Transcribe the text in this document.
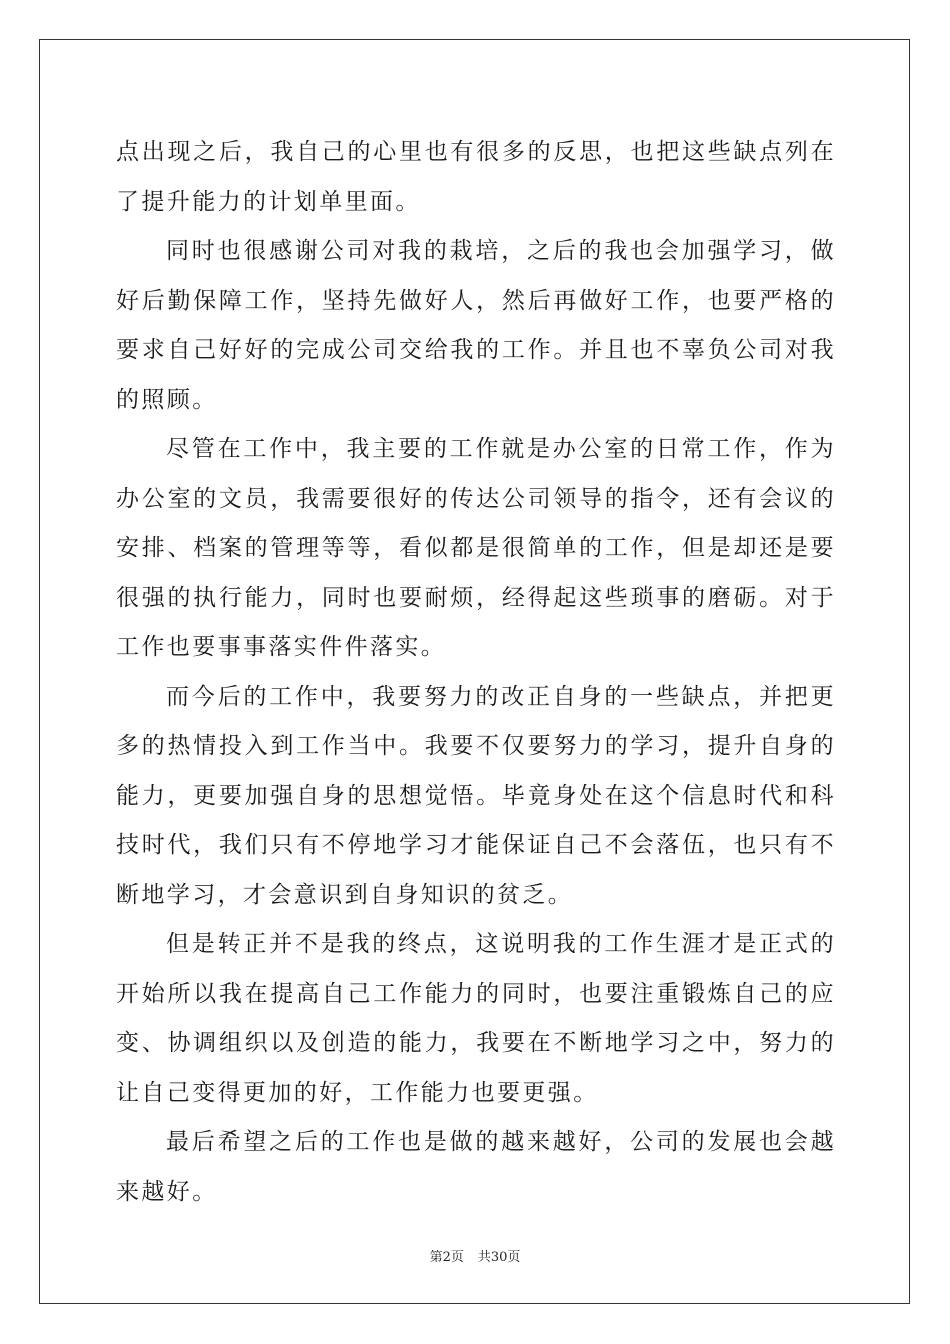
点出现之后，我自己的心里也有很多的反思，也把这些缺点列在了提升能力的计划单里面。

同时也很感谢公司对我的栽培，之后的我也会加强学习，做好后勤保障工作，坚持先做好人，然后再做好工作，也要严格的要求自己好好的完成公司交给我的工作。并且也不辜负公司对我的照顾。

尽管在工作中，我主要的工作就是办公室的日常工作，作为办公室的文员，我需要很好的传达公司领导的指令，还有会议的安排、档案的管理等等，看似都是很简单的工作，但是却还是要很强的执行能力，同时也要耐烦，经得起这些琐事的磨砺。对于工作也要事事落实件件落实。

而今后的工作中，我要努力的改正自身的一些缺点，并把更多的热情投入到工作当中。我要不仅要努力的学习，提升自身的能力，更要加强自身的思想觉悟。毕竟身处在这个信息时代和科技时代，我们只有不停地学习才能保证自己不会落伍，也只有不断地学习，才会意识到自身知识的贫乏。

但是转正并不是我的终点，这说明我的工作生涯才是正式的开始所以我在提高自己工作能力的同时，也要注重锻炼自己的应变、协调组织以及创造的能力，我要在不断地学习之中，努力的让自己变得更加的好，工作能力也要更强。

最后希望之后的工作也是做的越来越好，公司的发展也会越来越好。

第2页 共30页
